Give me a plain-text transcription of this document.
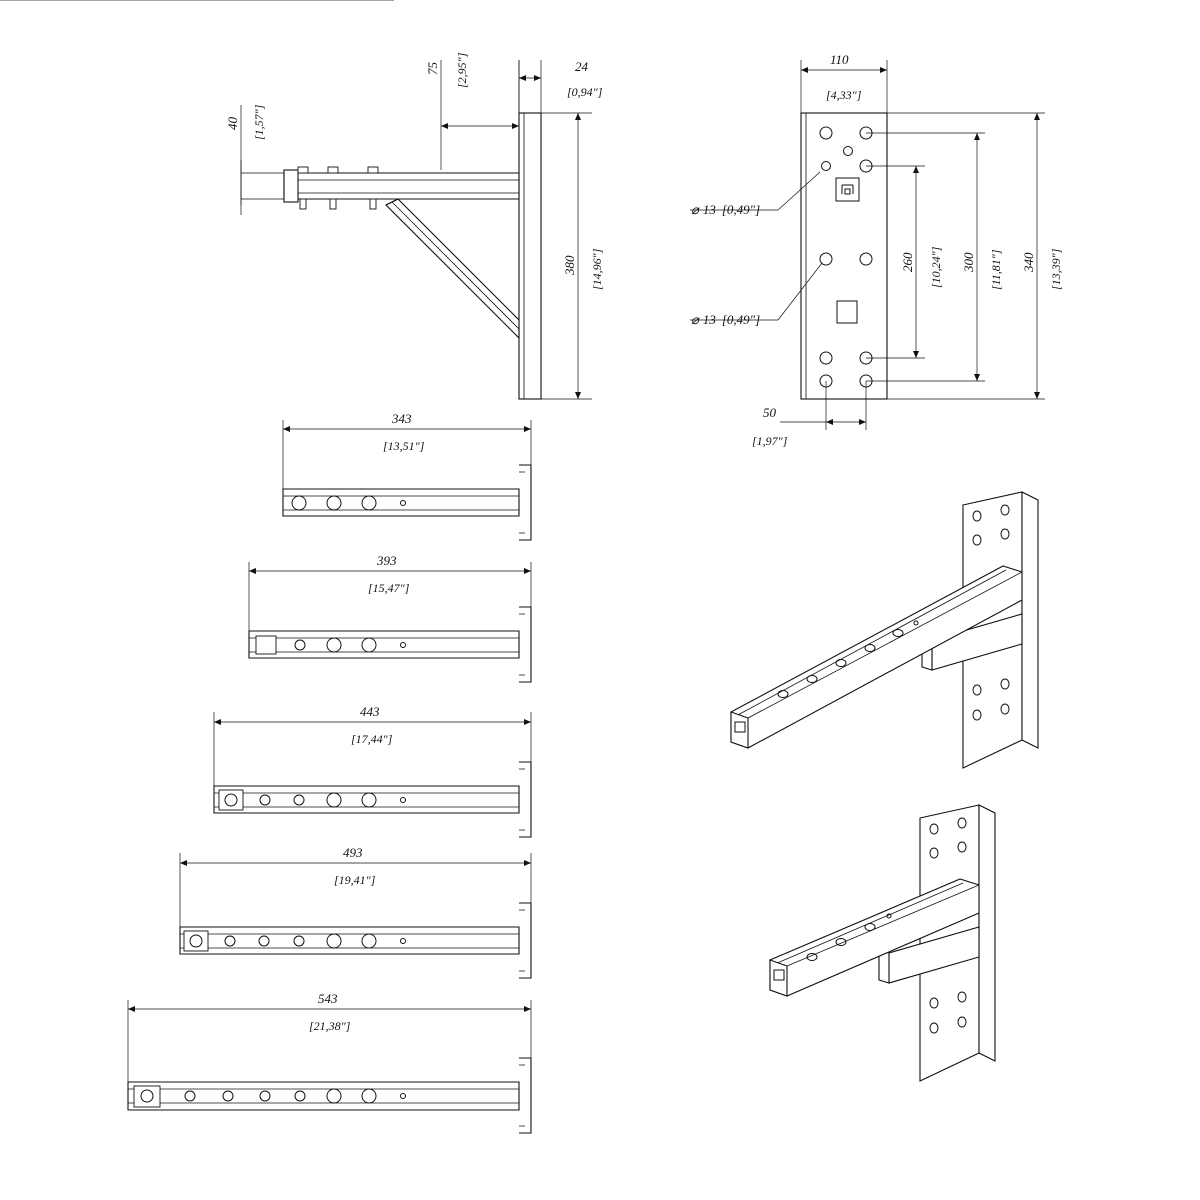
75 [2,95"]
40 [1,57"]
24
[0,94"]
380 [14,96"]
⌀ 13 [0,49"]
⌀ 13 [0,49"]
110
[4,33"]
260 [10,24"] 300 [11,81"] 340 [13,39"]
50
[1,97"]
343
[13,51"]
393
[15,47"]
443
[17,44"]
493
[19,41"]
543
[21,38"]
